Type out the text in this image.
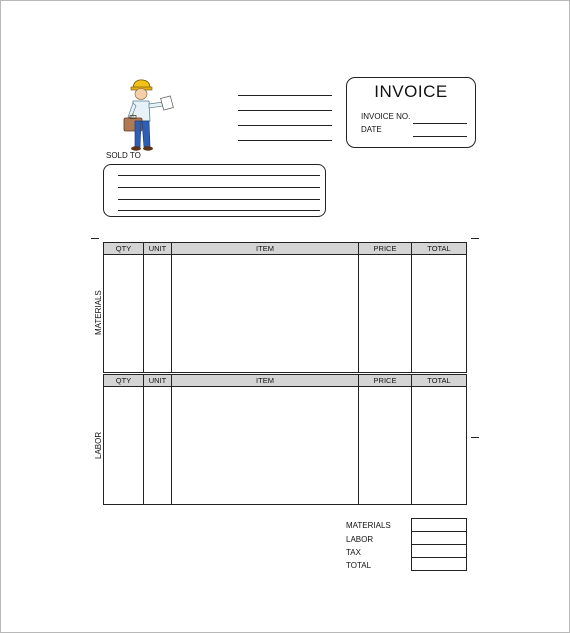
INVOICE
INVOICE NO.
DATE
SOLD TO
QTY	UNIT	ITEM	PRICE	TOTAL

QTY	UNIT	ITEM	PRICE	TOTAL

MATERIALS
LABOR
MATERIALS
LABOR
TAX
TOTAL
